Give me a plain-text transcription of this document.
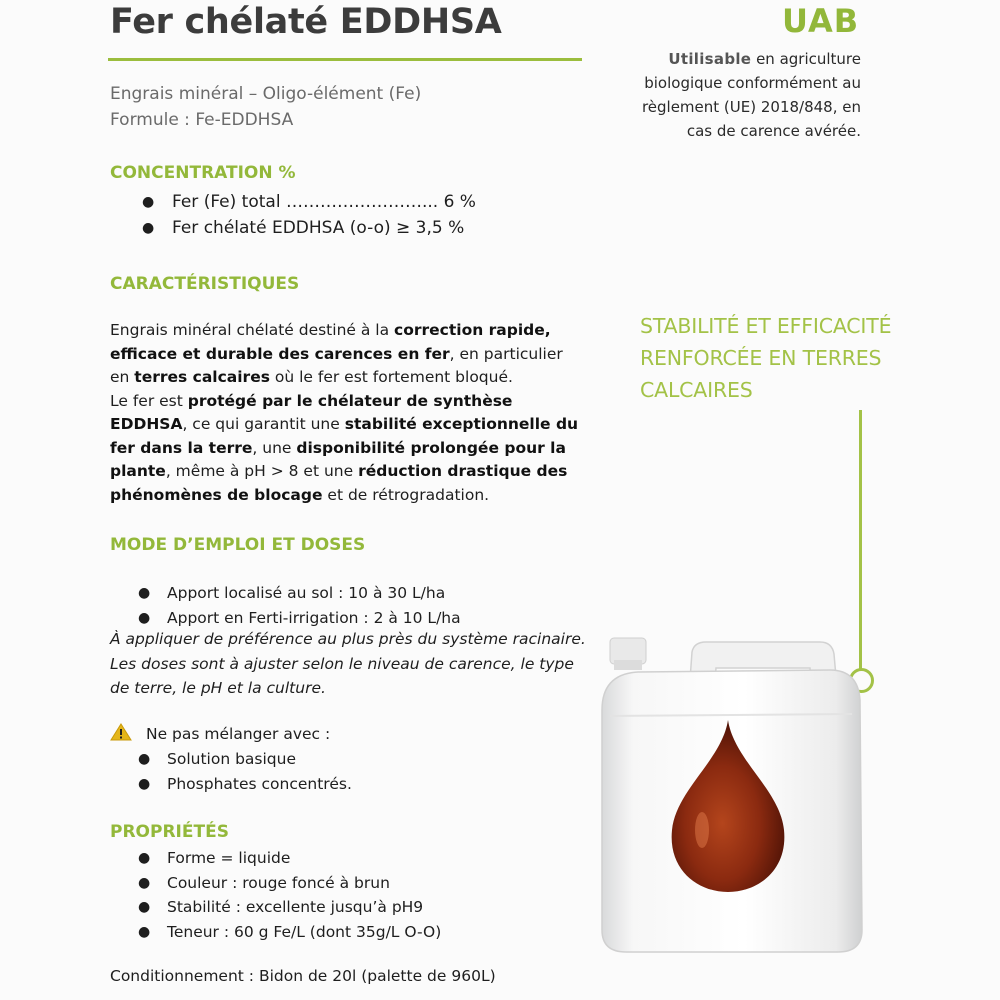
Fer chélaté EDDHSA
Engrais minéral – Oligo-élément (Fe)
Formule : Fe-EDDHSA
UAB
Utilisable en agriculture biologique conformément au règlement (UE) 2018/848, en cas de carence avérée.
CONCENTRATION %
● Fer (Fe) total ……………………... 6 %
● Fer chélaté EDDHSA (o-o) ≥ 3,5 %
CARACTÉRISTIQUES
Engrais minéral chélaté destiné à la correction rapide, efficace et durable des carences en fer, en particulier en terres calcaires où le fer est fortement bloqué.
Le fer est protégé par le chélateur de synthèse EDDHSA, ce qui garantit une stabilité exceptionnelle du fer dans la terre, une disponibilité prolongée pour la plante, même à pH > 8 et une réduction drastique des phénomènes de blocage et de rétrogradation.
MODE D’EMPLOI ET DOSES
● Apport localisé au sol : 10 à 30 L/ha
● Apport en Ferti-irrigation : 2 à 10 L/ha
À appliquer de préférence au plus près du système racinaire.
Les doses sont à ajuster selon le niveau de carence, le type de terre, le pH et la culture.
Ne pas mélanger avec :
● Solution basique
● Phosphates concentrés.
PROPRIÉTÉS
● Forme = liquide
● Couleur : rouge foncé à brun
● Stabilité : excellente jusqu’à pH9
● Teneur : 60 g Fe/L (dont 35g/L O-O)
Conditionnement : Bidon de 20l (palette de 960L)
STABILITÉ ET EFFICACITÉ RENFORCÉE EN TERRES CALCAIRES
